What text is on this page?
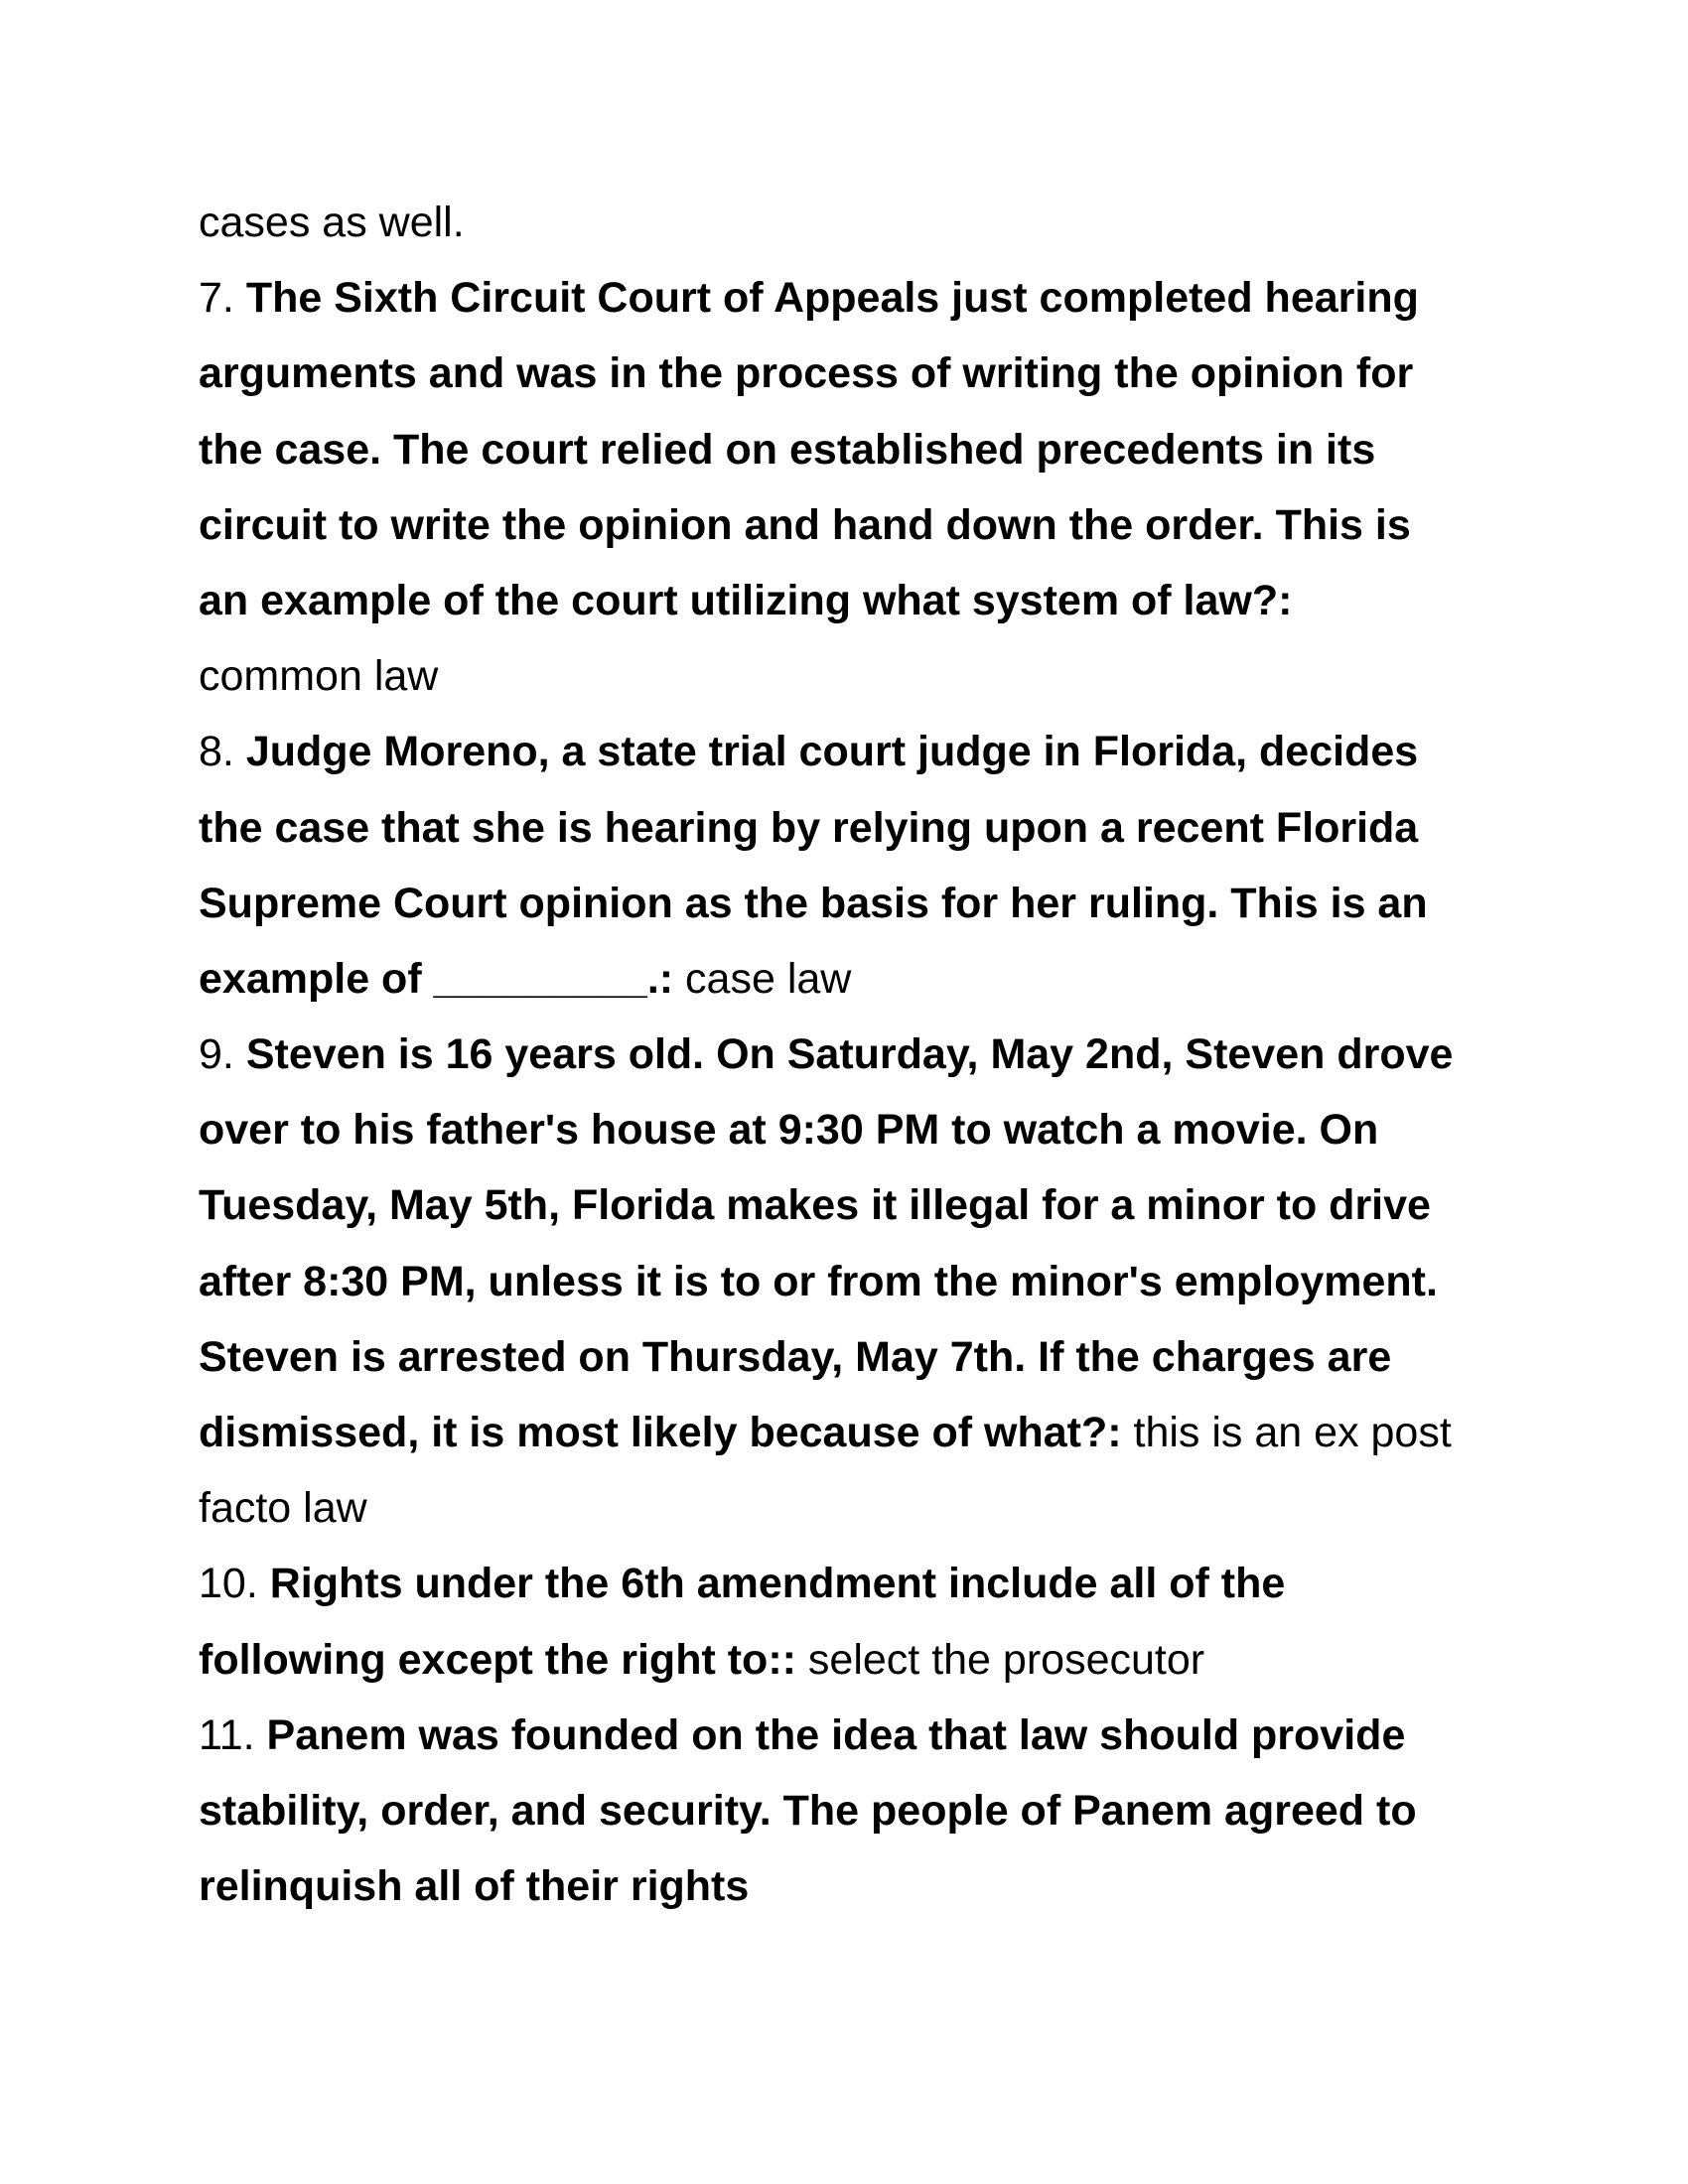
cases as well.
7. The Sixth Circuit Court of Appeals just completed hearing
arguments and was in the process of writing the opinion for
the case. The court relied on established precedents in its
circuit to write the opinion and hand down the order. This is
an example of the court utilizing what system of law?:
common law
8. Judge Moreno, a state trial court judge in Florida, decides
the case that she is hearing by relying upon a recent Florida
Supreme Court opinion as the basis for her ruling. This is an
example of _________.: case law
9. Steven is 16 years old. On Saturday, May 2nd, Steven drove
over to his father's house at 9:30 PM to watch a movie. On
Tuesday, May 5th, Florida makes it illegal for a minor to drive
after 8:30 PM, unless it is to or from the minor's employment.
Steven is arrested on Thursday, May 7th. If the charges are
dismissed, it is most likely because of what?: this is an ex post
facto law
10. Rights under the 6th amendment include all of the
following except the right to:: select the prosecutor
11. Panem was founded on the idea that law should provide
stability, order, and security. The people of Panem agreed to
relinquish all of their rights
